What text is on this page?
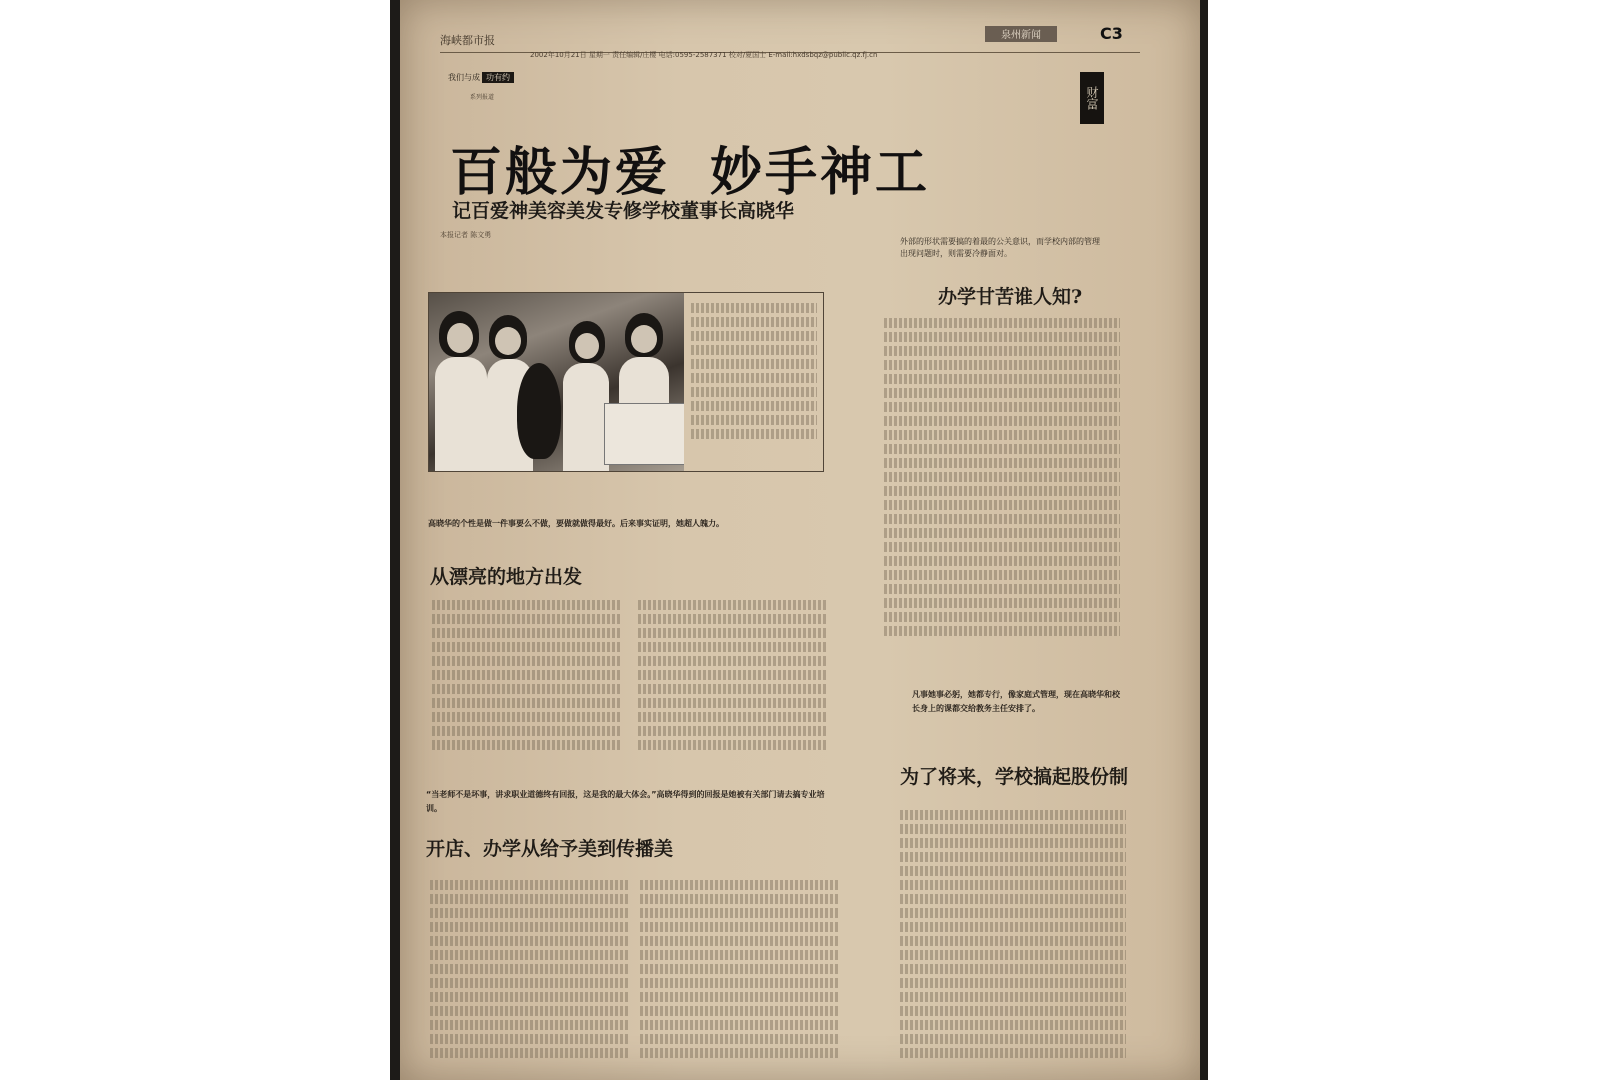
海峡都市报
2002年10月21日 星期一 责任编辑/庄樱 电话:0595-2587371 校对/夏国士 E-mail:hxdsbqz@public.qz.fj.cn
泉州新闻	C3
财富
我们与成 功有约
系列报道
百般为爱 妙手神工
记百爱神美容美发专修学校董事长高晓华
本报记者 陈文勇
外部的形状需要搞的着最的公关意识，而学校内部的管理出现问题时，则需要冷静面对。
办学甘苦谁人知?
高晓华的个性是做一件事要么不做，要做就做得最好。后来事实证明，她超人魄力。
从漂亮的地方出发
“当老师不是坏事，讲求职业道德终有回报，这是我的最大体会。”高晓华得到的回报是她被有关部门请去搞专业培训。
开店、办学从给予美到传播美
凡事她事必躬，她都专行，像家庭式管理，现在高晓华和校长身上的课都交给教务主任安排了。
为了将来，学校搞起股份制
